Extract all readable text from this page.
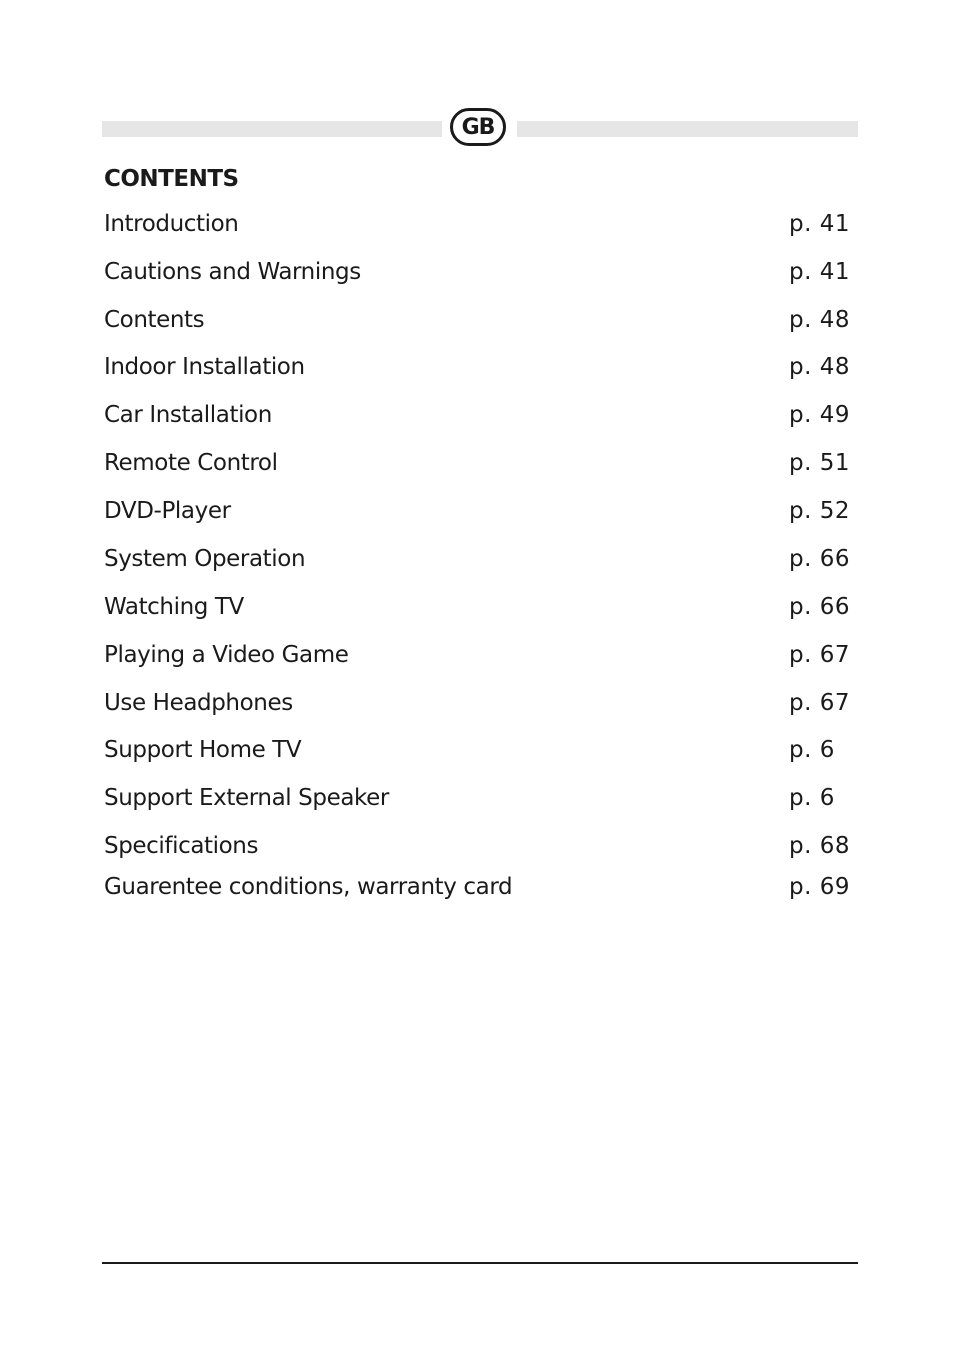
GB
CONTENTS
Introduction	p. 41
Cautions and Warnings	p. 41
Contents	p. 48
Indoor Installation	p. 48
Car Installation	p. 49
Remote Control	p. 51
DVD-Player	p. 52
System Operation	p. 66
Watching TV	p. 66
Playing a Video Game	p. 67
Use Headphones	p. 67
Support Home TV	p. 6
Support External Speaker	p. 6
Specifications	p. 68
Guarentee conditions, warranty card	p. 69
